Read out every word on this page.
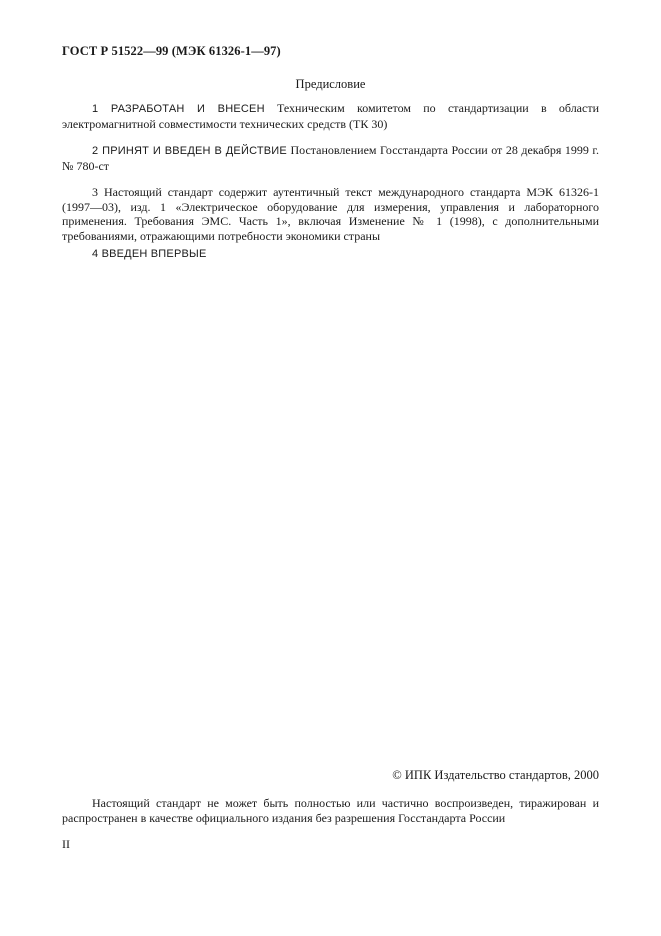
ГОСТ Р 51522—99 (МЭК 61326-1—97)
Предисловие
1 РАЗРАБОТАН И ВНЕСЕН Техническим комитетом по стандартизации в области электромагнитной совместимости технических средств (ТК 30)
2 ПРИНЯТ И ВВЕДЕН В ДЕЙСТВИЕ Постановлением Госстандарта России от 28 декабря 1999 г. № 780-ст
3 Настоящий стандарт содержит аутентичный текст международного стандарта МЭК 61326-1 (1997—03), изд. 1 «Электрическое оборудование для измерения, управления и лабораторного применения. Требования ЭМС. Часть 1», включая Изменение № 1 (1998), с дополнительными требованиями, отражающими потребности экономики страны
4 ВВЕДЕН ВПЕРВЫЕ
© ИПК Издательство стандартов, 2000
Настоящий стандарт не может быть полностью или частично воспроизведен, тиражирован и распространен в качестве официального издания без разрешения Госстандарта России
II
